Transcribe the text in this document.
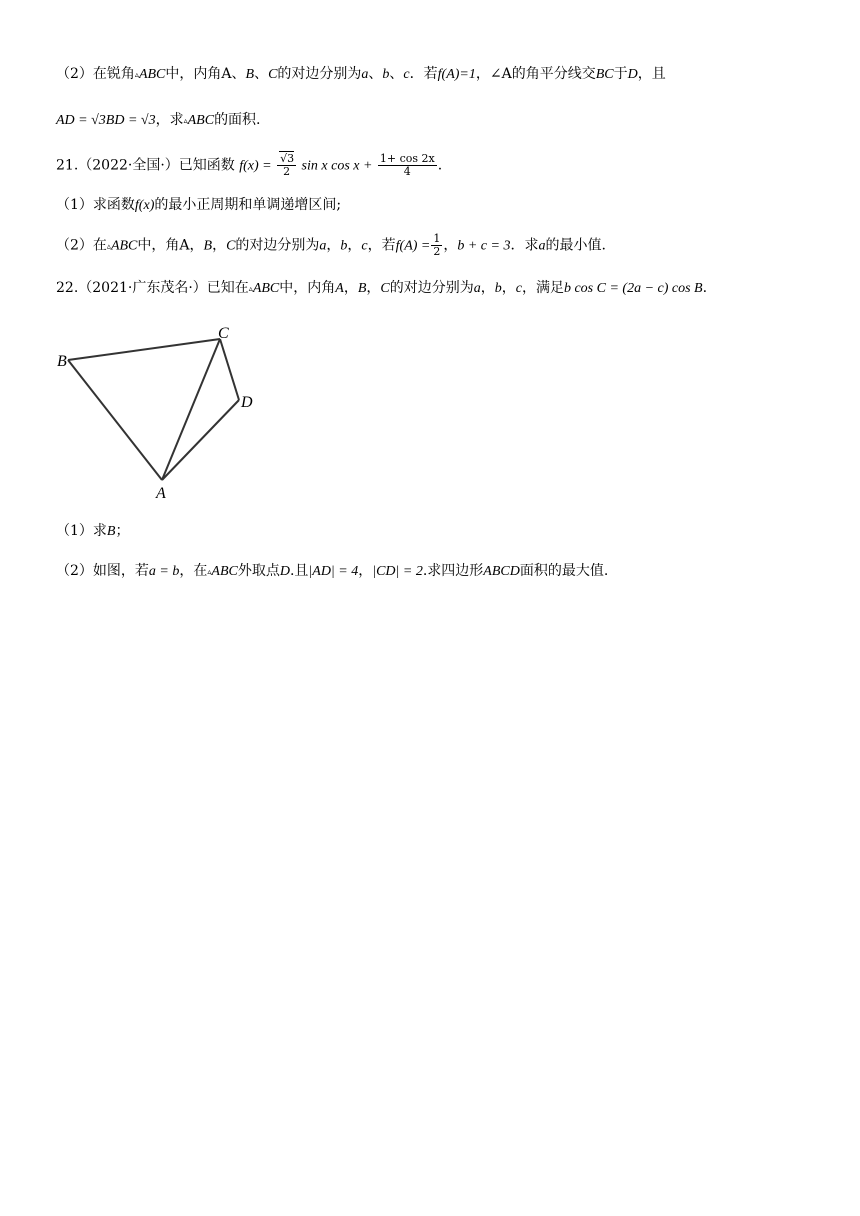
（2）在锐角▵ABC中，内角A、B、C的对边分别为a、b、c．若f(A)=1，∠A的角平分线交BC于D，且
AD = √3BD = √3，求▵ABC的面积.
21.（2022·全国·）已知函数 $f(x) = \frac{√3}{2}$ sin x $\cos x + \frac{1+ \cos 2x}{4}$ .
（1）求函数f(x)的最小正周期和单调递增区间;
（2）在▵ABC中，角A，B，C的对边分别为a，b，c，若$f(A) = \frac{1}{2}$ ，b + c = 3．求a的最小值.
22.（2021·广东茂名·）已知在▵ABC中，内角A，B，C的对边分别为a，b，c，满足b cos C = (2a − c) cos B.
B
C
D
A
（1）求B；
（2）如图，若a = b，在▵ABC外取点D.且|AD| = 4，|CD| = 2.求四边形ABCD面积的最大值.
